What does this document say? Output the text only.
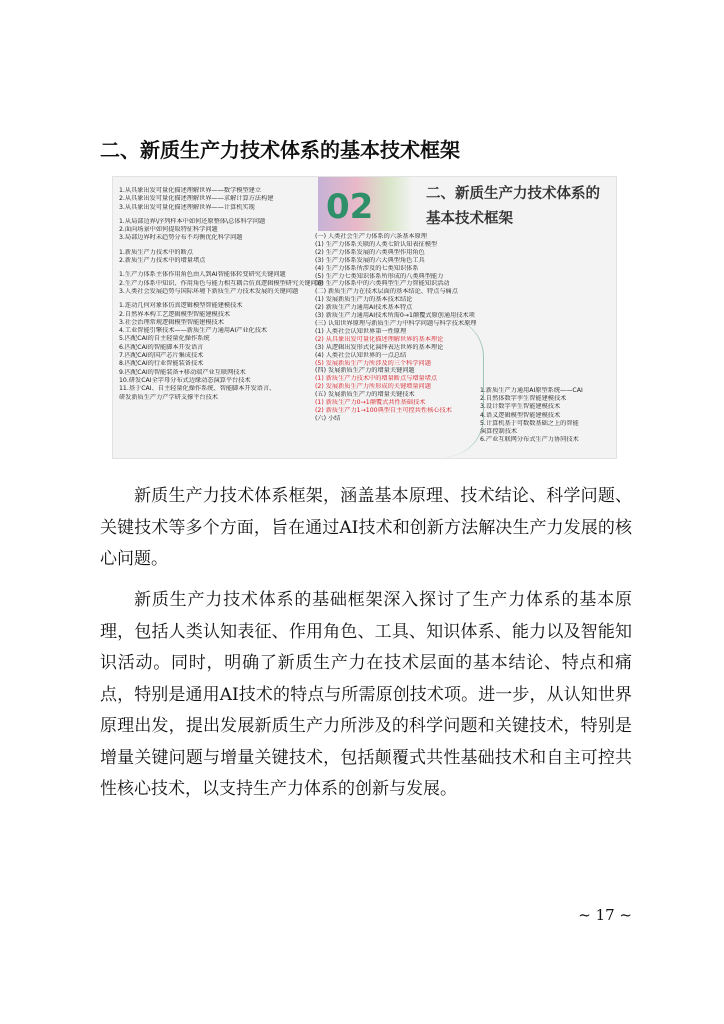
二、新质生产力技术体系的基本技术框架
1.从具象出发可量化描述理解世界——数学模型建立
2.从具象出发可量化描述理解世界——求解计算方法构建
3.从具象出发可量化描述理解世界——计算机实现
1.从局部边界\序列样本中如何还原整体\总体科学问题
2.面向场景中如何提取特征科学问题
3.局部边界时未趋势分布不均衡优化科学问题
1.新质生产力技术中的断点
2.新质生产力技术中的增量堵点
1.生产力体系主体作用角色由人到AI智能体转变研究关键问题
2.生产力体系中知识、作用角色与能力相互耦合仿真逻辑模型研究关键问题
3.人类社会发展趋势与国际环境下新质生产力技术发展的关键问题
1.连动几何对象体仿真逻辑模型智能建模技术
2.自然界本构工艺逻辑模型智能建模技术
3.社会治理常规逻辑模型智能建模技术
4.工业智能引擎技术——新质生产力通用AI产业化技术
5.匹配CAI的自主轻量化操作系统
6.匹配CAI的智能脚本开发语言
7.匹配CAI的国产芯片集成技术
8.匹配CAI的行业智能装备技术
9.匹配CAI的智能装备+移动端产业互联网技术
10.研发CAI全字母分布式边缘动态演算平台技术
11.基于CAI、自主轻量化操作系统、智能脚本开发语言、
研发新质生产力产学研支撑平台技术
02	二、新质生产力技术体系的
基本技术框架
(一) 人类社会生产力体系的六条基本原理
(1) 生产力体系关联的人类七阶认知表征模型
(2) 生产力体系发展的六类典型作用角色
(3) 生产力体系发展的六大典型角色工具
(4) 生产力体系所涉及的七类知识体系
(5) 生产力七类知识体系所形成的八类典型能力
(6) 生产力体系中的六类典型生产力智能知识活动
(二) 新质生产力在技术层面的基本结论、特点与痛点
(1) 发展新质生产力的基本技术结论
(2) 新质生产力通用AI技术基本特点
(3) 新质生产力通用AI技术所需0→1颠覆式原创通用技术项
(三) 认知世界原理与新质生产力中科学问题与科学技术原理
(1) 人类社会认知世界第一性原理
(2) 从具象出发可量化描述理解世界的基本理论
(3) 从逻辑出发形式化演绎表达世界的基本理论
(4) 人类社会认知世界的一点总结
(5) 发展新质生产力所涉及的三个科学问题
(四) 发展新质生产力的增量关键问题
(1) 新质生产力技术中的增量断点与增量堵点
(2) 发展新质生产力所形成的关键增量问题
(五) 发展新质生产力的增量关键技术
(1) 新质生产力0→1颠覆式共性基础技术
(2) 新质生产力1→100典型自主可控共性核心技术
(六) 小结
1.新质生产力通用AI原型系统——CAI
2.自然体数字孪生智能建模技术
3.设计数字孪生智能建模技术
4.语义逻辑模型智能建模技术
5.计算机基于可数数基础之上的智能
演算控制技术
6.产业互联网分布式生产力协同技术
新质生产力技术体系框架，涵盖基本原理、技术结论、科学问题、关键技术等多个方面，旨在通过AI技术和创新方法解决生产力发展的核心问题。
新质生产力技术体系的基础框架深入探讨了生产力体系的基本原理，包括人类认知表征、作用角色、工具、知识体系、能力以及智能知识活动。同时，明确了新质生产力在技术层面的基本结论、特点和痛点，特别是通用AI技术的特点与所需原创技术项。进一步，从认知世界原理出发，提出发展新质生产力所涉及的科学问题和关键技术，特别是增量关键问题与增量关键技术，包括颠覆式共性基础技术和自主可控共性核心技术，以支持生产力体系的创新与发展。
~ 17 ~
